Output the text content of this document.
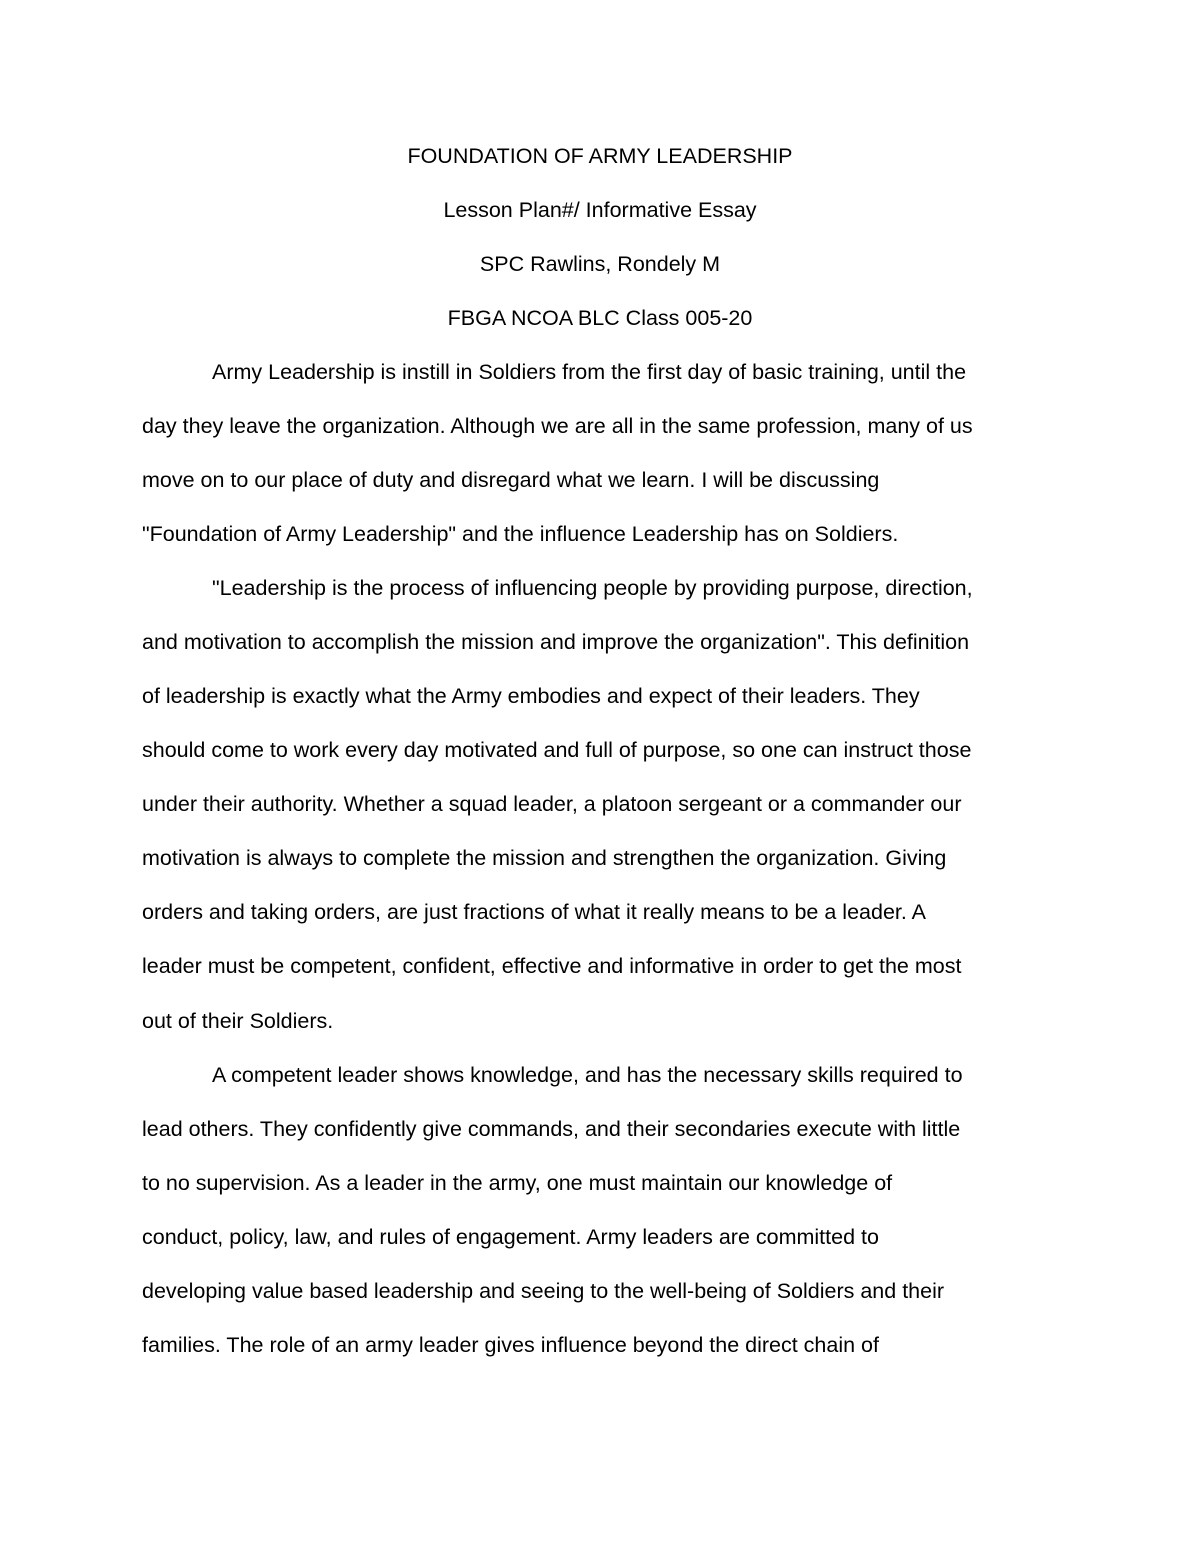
FOUNDATION OF ARMY LEADERSHIP
Lesson Plan#/ Informative Essay
SPC Rawlins, Rondely M
FBGA NCOA BLC Class 005-20
Army Leadership is instill in Soldiers from the first day of basic training, until the
day they leave the organization. Although we are all in the same profession, many of us
move on to our place of duty and disregard what we learn. I will be discussing
"Foundation of Army Leadership" and the influence Leadership has on Soldiers.
"Leadership is the process of influencing people by providing purpose, direction,
and motivation to accomplish the mission and improve the organization". This definition
of leadership is exactly what the Army embodies and expect of their leaders. They
should come to work every day motivated and full of purpose, so one can instruct those
under their authority. Whether a squad leader, a platoon sergeant or a commander our
motivation is always to complete the mission and strengthen the organization. Giving
orders and taking orders, are just fractions of what it really means to be a leader. A
leader must be competent, confident, effective and informative in order to get the most
out of their Soldiers.
A competent leader shows knowledge, and has the necessary skills required to
lead others. They confidently give commands, and their secondaries execute with little
to no supervision. As a leader in the army, one must maintain our knowledge of
conduct, policy, law, and rules of engagement. Army leaders are committed to
developing value based leadership and seeing to the well-being of Soldiers and their
families. The role of an army leader gives influence beyond the direct chain of
